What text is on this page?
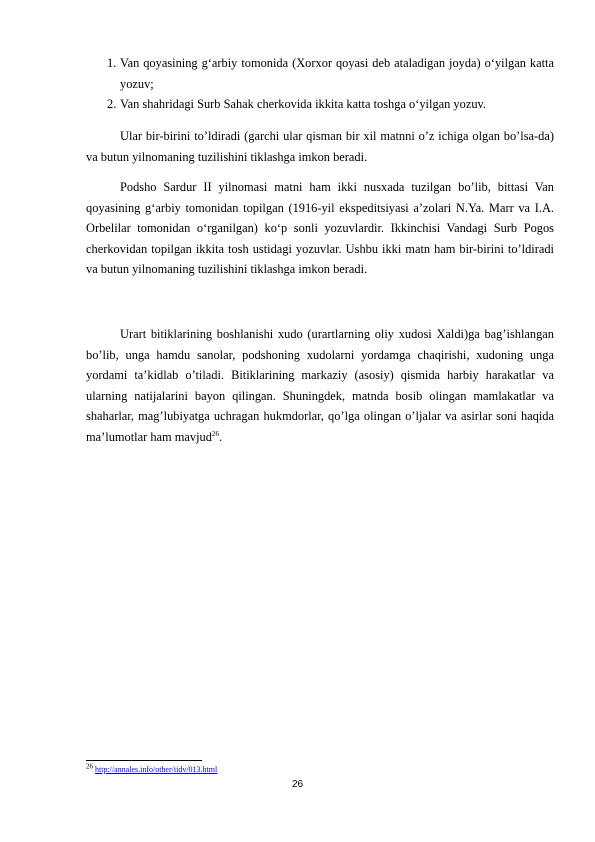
1. Van qoyasining g‘arbiy tomonida (Xorxor qoyasi deb ataladigan joyda) o‘yilgan katta yozuv;
2. Van shahridagi Surb Sahak cherkovida ikkita katta toshga o‘yilgan yozuv.

Ular bir-birini to’ldiradi (garchi ular qisman bir xil matnni o’z ichiga olgan bo’lsa-da) va butun yilnomaning tuzilishini tiklashga imkon beradi.

Podsho Sardur II yilnomasi matni ham ikki nusxada tuzilgan bo’lib, bittasi Van qoyasining g‘arbiy tomonidan topilgan (1916-yil ekspeditsiyasi a’zolari N.Ya. Marr va I.A. Orbelilar tomonidan o‘rganilgan) ko‘p sonli yozuvlardir. Ikkinchisi Vandagi Surb Pogos cherkovidan topilgan ikkita tosh ustidagi yozuvlar. Ushbu ikki matn ham bir-birini to’ldiradi va butun yilnomaning tuzilishini tiklashga imkon beradi.

Urart bitiklarining boshlanishi xudo (urartlarning oliy xudosi Xaldi)ga bag’ishlangan bo’lib, unga hamdu sanolar, podshoning xudolarni yordamga chaqirishi, xudoning unga yordami ta’kidlab o’tiladi. Bitiklarining markaziy (asosiy) qismida harbiy harakatlar va ularning natijalarini bayon qilingan. Shuningdek, matnda bosib olingan mamlakatlar va shaharlar, mag’lubiyatga uchragan hukmdorlar, qo’lga olingan o’ljalar va asirlar soni haqida ma’lumotlar ham mavjud$^{26}$.

$^{26}$ http://annales.info/other/iidv/013.html
26
